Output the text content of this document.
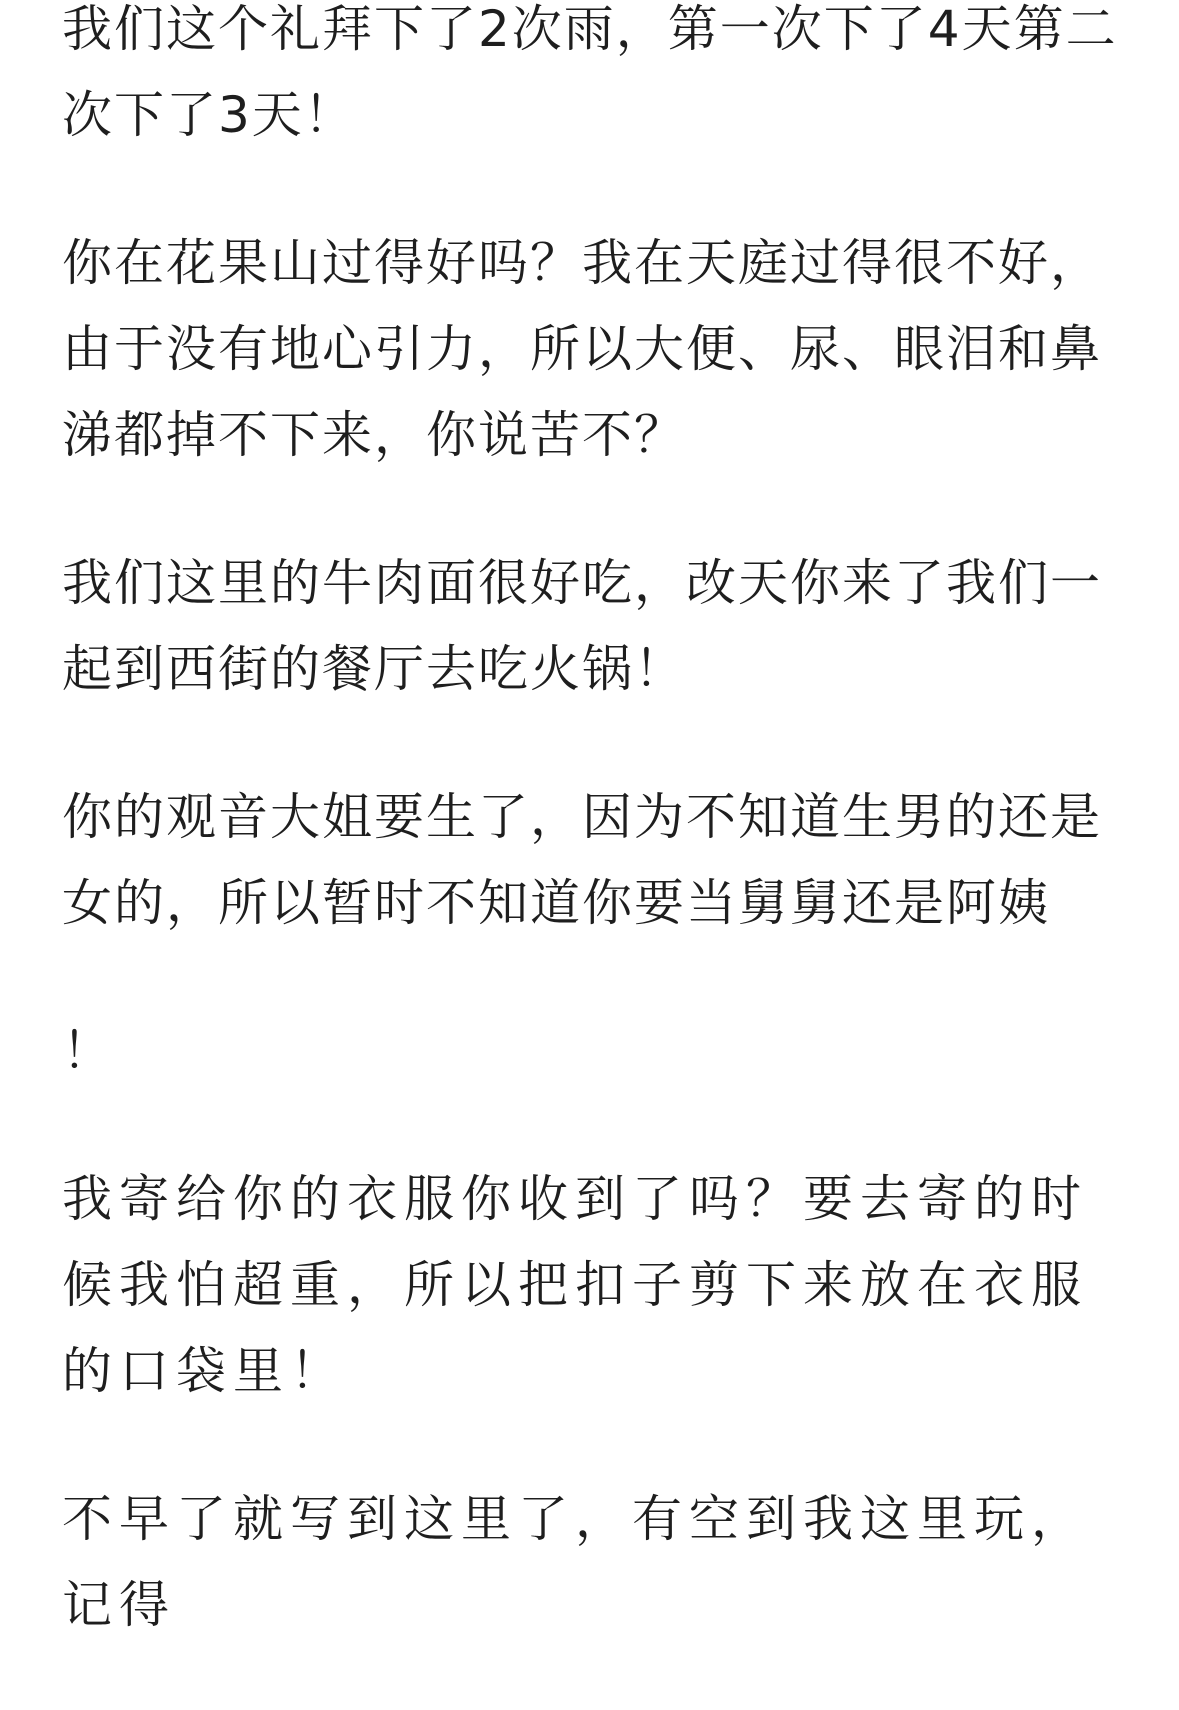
我们这个礼拜下了2次雨，第一次下了4天第二次下了3天！

你在花果山过得好吗？我在天庭过得很不好，由于没有地心引力，所以大便、尿、眼泪和鼻涕都掉不下来，你说苦不？

我们这里的牛肉面很好吃，改天你来了我们一起到西街的餐厅去吃火锅！

你的观音大姐要生了，因为不知道生男的还是女的，所以暂时不知道你要当舅舅还是阿姨

！

我寄给你的衣服你收到了吗？要去寄的时候我怕超重，所以把扣子剪下来放在衣服的口袋里！

不早了就写到这里了，有空到我这里玩，记得
